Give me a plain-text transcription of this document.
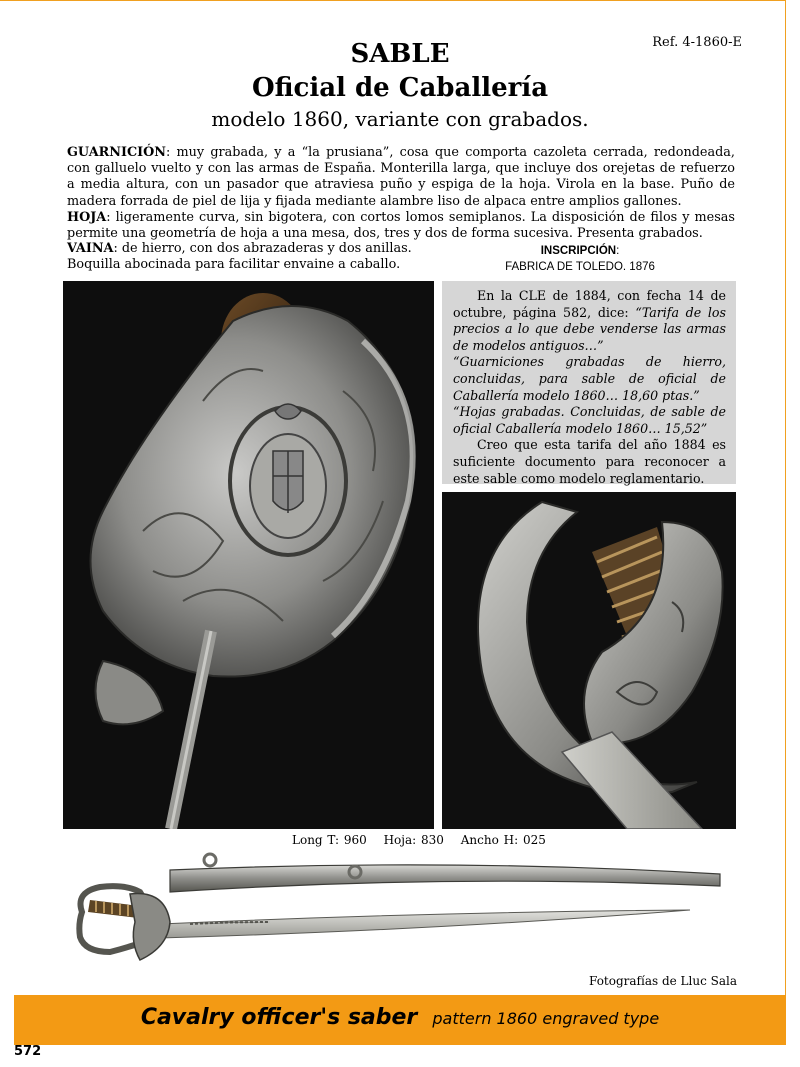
Ref. 4-1860-E
SABLE
Oficial de Caballería
modelo 1860, variante con grabados.

GUARNICIÓN: muy grabada, y a “la prusiana”, cosa que comporta cazoleta cerrada, redondeada, con galluelo vuelto y con las armas de España. Monterilla larga, que incluye dos orejetas de refuerzo a media altura, con un pasador que atraviesa puño y espiga de la hoja. Virola en la base. Puño de madera forrada de piel de lija y fijada mediante alambre liso de alpaca entre amplios gallones.

HOJA: ligeramente curva, sin bigotera, con cortos lomos semiplanos. La disposición de filos y mesas permite una geometría de hoja a una mesa, dos, tres y dos de forma sucesiva. Presenta grabados.

VAINA: de hierro, con dos abrazaderas y dos anillas.

Boquilla abocinada para facilitar envaine a caballo.

INSCRIPCIÓN:
FABRICA DE TOLEDO. 1876

En la CLE de 1884, con fecha 14 de octubre, página 582, dice: “Tarifa de los precios a lo que debe venderse las armas de modelos antiguos…”

“Guarniciones grabadas de hierro, concluidas, para sable de oficial de Caballería modelo 1860… 18,60 ptas.”

“Hojas grabadas. Concluidas, de sable de oficial Caballería modelo 1860… 15,52”

Creo que esta tarifa del año 1884 es suficiente documento para reconocer a este sable como modelo reglamentario.

Long T: 960 Hoja: 830 Ancho H: 025
Fotografías de Lluc Sala
Cavalry officer's saber pattern 1860 engraved type
572
